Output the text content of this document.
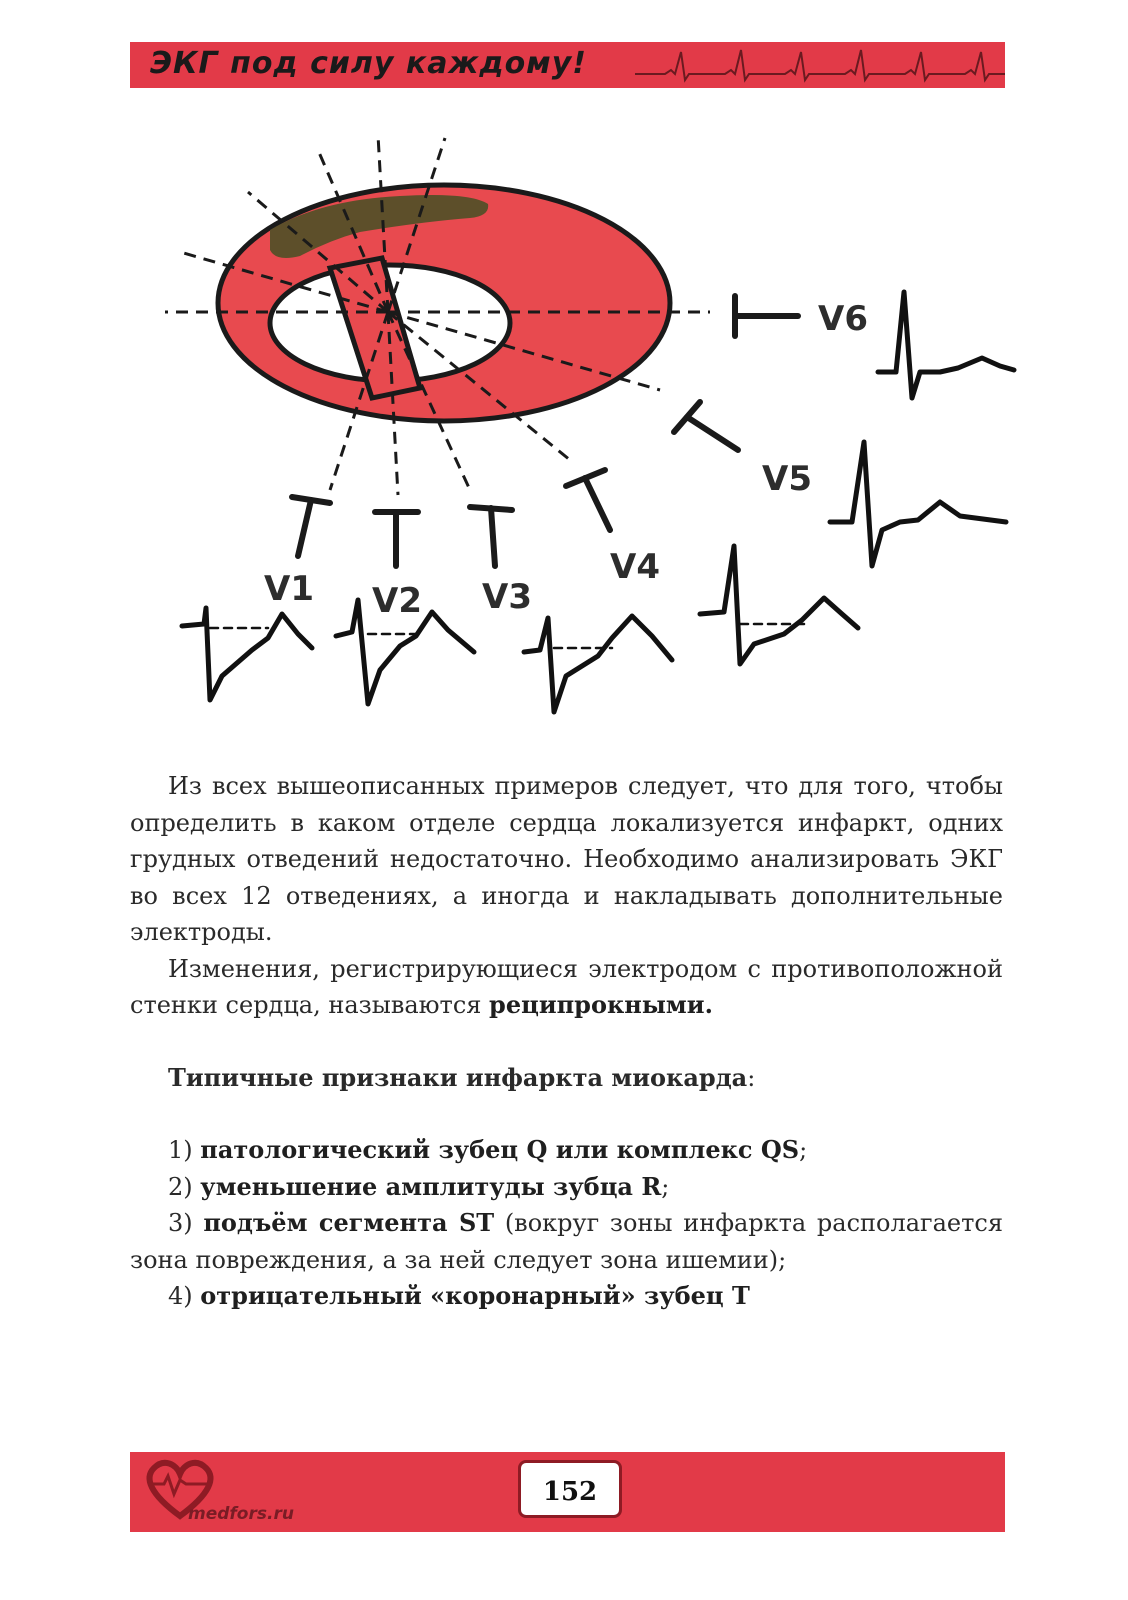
ЭКГ под силу каждому!
V1 V2 V3
V4
V5
V6

Из всех вышеописанных примеров следует, что для того, чтобы определить в каком отделе сердца локализуется инфаркт, одних грудных отведений недостаточно. Необходимо анализировать ЭКГ во всех 12 отведениях, а иногда и накладывать дополнительные электроды.

Изменения, регистрирующиеся электродом с противоположной стенки сердца, называются реципрокными.

Типичные признаки инфаркта миокарда:

1) патологический зубец Q или комплекс QS;

2) уменьшение амплитуды зубца R;

3) подъём сегмента ST (вокруг зоны инфаркта располагается зона повреждения, а за ней следует зона ишемии);

4) отрицательный «коронарный» зубец Т

medfors.ru
152
